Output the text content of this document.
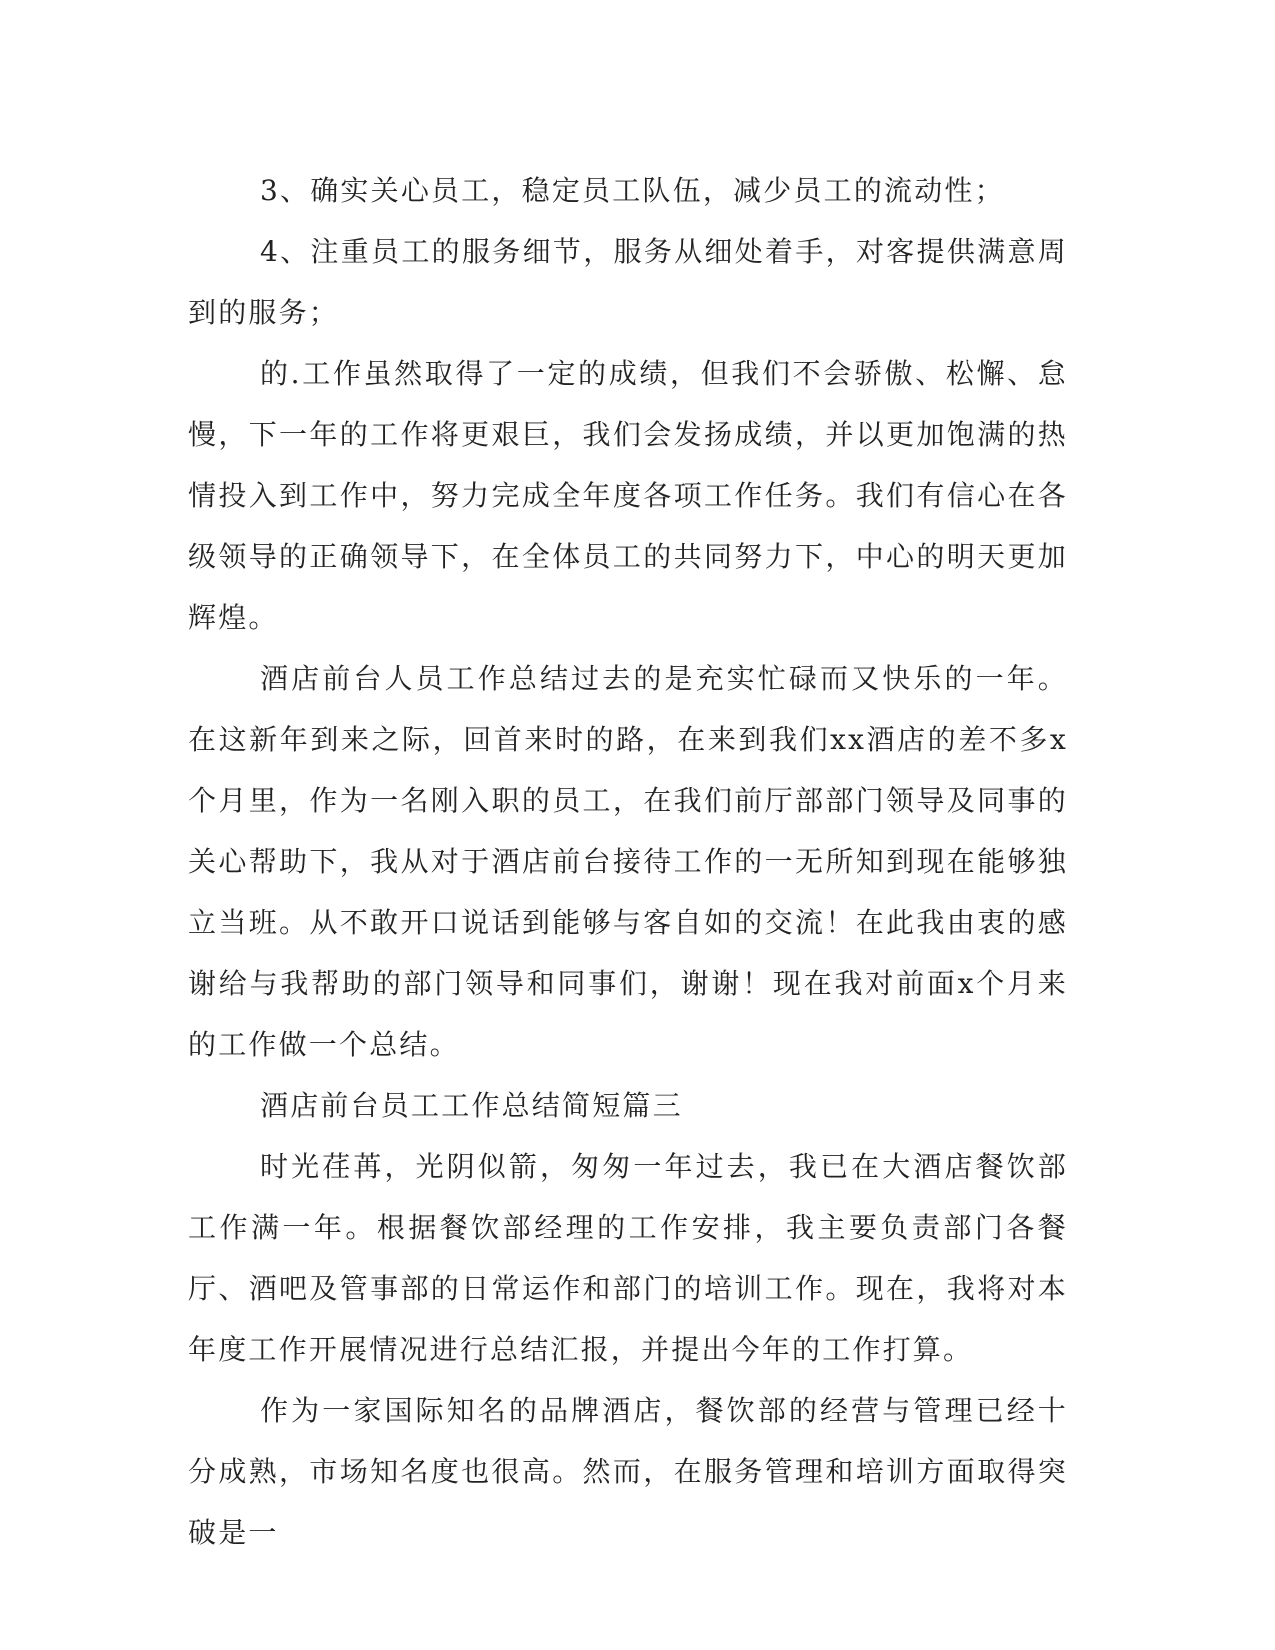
3、确实关心员工，稳定员工队伍，减少员工的流动性；

4、注重员工的服务细节，服务从细处着手，对客提供满意周到的服务；

的.工作虽然取得了一定的成绩，但我们不会骄傲、松懈、怠慢，下一年的工作将更艰巨，我们会发扬成绩，并以更加饱满的热情投入到工作中，努力完成全年度各项工作任务。我们有信心在各级领导的正确领导下，在全体员工的共同努力下，中心的明天更加辉煌。

酒店前台人员工作总结过去的是充实忙碌而又快乐的一年。在这新年到来之际，回首来时的路，在来到我们xx酒店的差不多x个月里，作为一名刚入职的员工，在我们前厅部部门领导及同事的关心帮助下，我从对于酒店前台接待工作的一无所知到现在能够独立当班。从不敢开口说话到能够与客自如的交流！在此我由衷的感谢给与我帮助的部门领导和同事们，谢谢！现在我对前面x个月来的工作做一个总结。

酒店前台员工工作总结简短篇三

时光荏苒，光阴似箭，匆匆一年过去，我已在大酒店餐饮部工作满一年。根据餐饮部经理的工作安排，我主要负责部门各餐厅、酒吧及管事部的日常运作和部门的培训工作。现在，我将对本年度工作开展情况进行总结汇报，并提出今年的工作打算。

作为一家国际知名的品牌酒店，餐饮部的经营与管理已经十分成熟，市场知名度也很高。然而，在服务管理和培训方面取得突破是一
